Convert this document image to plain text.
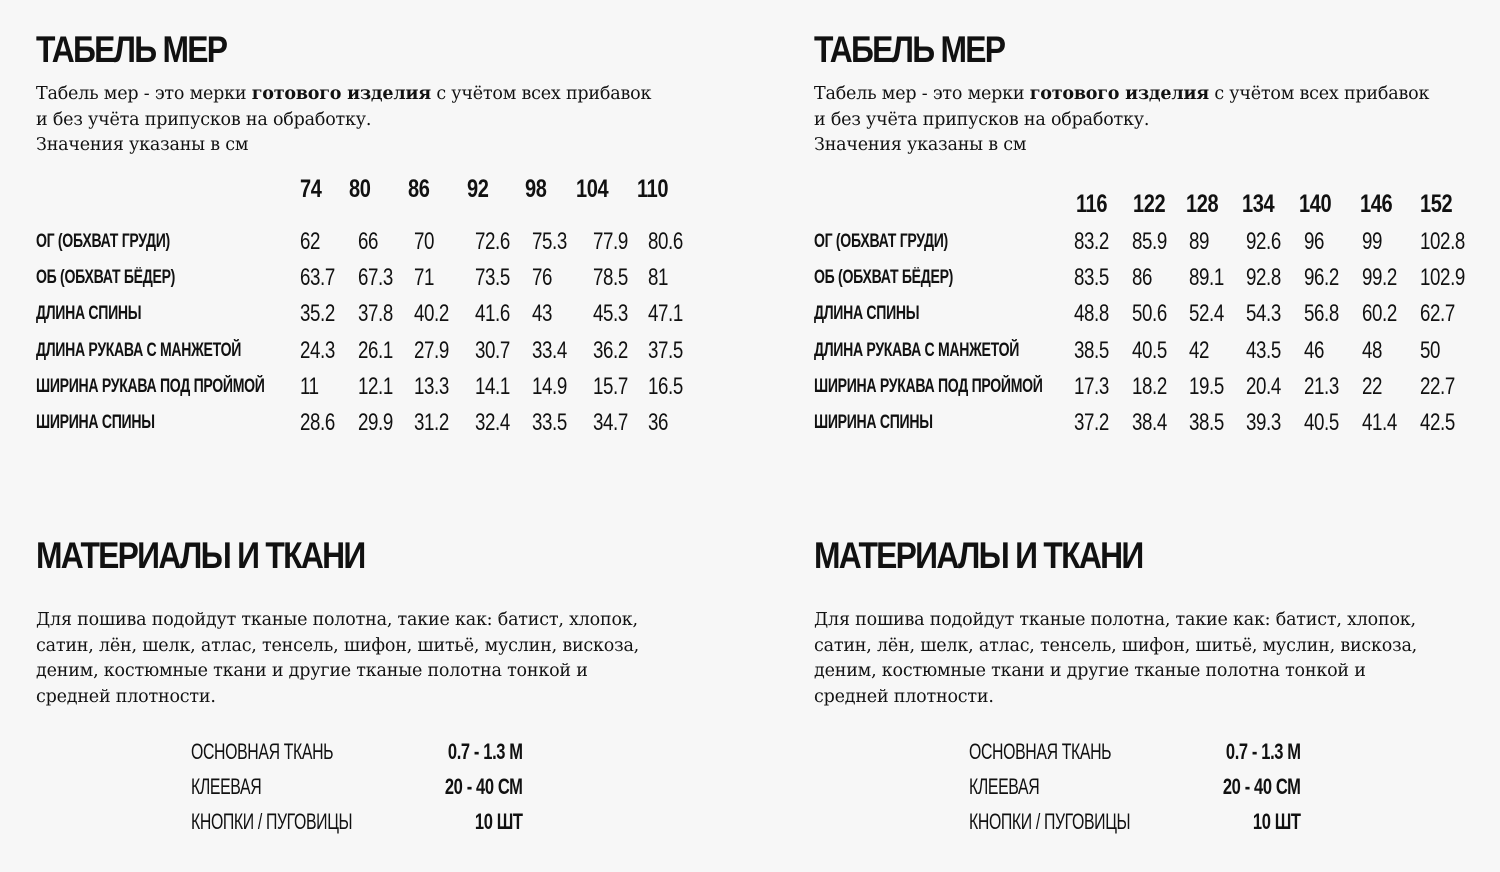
ТАБЕЛЬ МЕР
Табель мер - это мерки готового изделия с учётом всех прибавок
и без учёта припусков на обработку.
Значения указаны в см
74 80 86 92 98 104 110
ОГ (ОБХВАТ ГРУДИ)	62 66 70 72.6 75.3 77.9 80.6
ОБ (ОБХВАТ БЁДЕР)	63.7 67.3 71 73.5 76 78.5 81
ДЛИНА СПИНЫ	35.2 37.8 40.2 41.6 43 45.3 47.1
ДЛИНА РУКАВА С МАНЖЕТОЙ 24.3 26.1 27.9 30.7 33.4 36.2 37.5
ШИРИНА РУКАВА ПОД ПРОЙМОЙ 11 12.1 13.3 14.1 14.9 15.7 16.5
ШИРИНА СПИНЫ	28.6 29.9 31.2 32.4 33.5 34.7 36
МАТЕРИАЛЫ И ТКАНИ
Для пошива подойдут тканые полотна, такие как: батист, хлопок,
сатин, лён, шелк, атлас, тенсель, шифон, шитьё, муслин, вискоза,
деним, костюмные ткани и другие тканые полотна тонкой и
средней плотности.
ОСНОВНАЯ ТКАНЬ	0.7 - 1.3 М
КЛЕЕВАЯ	20 - 40 СМ
КНОПКИ / ПУГОВИЦЫ	10 ШТ
ТАБЕЛЬ МЕР
Табель мер - это мерки готового изделия с учётом всех прибавок
и без учёта припусков на обработку.
Значения указаны в см
116 122 128 134 140 146 152
ОГ (ОБХВАТ ГРУДИ)	83.2 85.9 89 92.6 96 99 102.8
ОБ (ОБХВАТ БЁДЕР)	83.5 86 89.1 92.8 96.2 99.2 102.9
ДЛИНА СПИНЫ	48.8 50.6 52.4 54.3 56.8 60.2 62.7
ДЛИНА РУКАВА С МАНЖЕТОЙ 38.5 40.5 42 43.5 46 48 50
ШИРИНА РУКАВА ПОД ПРОЙМОЙ 17.3 18.2 19.5 20.4 21.3 22 22.7
ШИРИНА СПИНЫ	37.2 38.4 38.5 39.3 40.5 41.4 42.5
МАТЕРИАЛЫ И ТКАНИ
Для пошива подойдут тканые полотна, такие как: батист, хлопок,
сатин, лён, шелк, атлас, тенсель, шифон, шитьё, муслин, вискоза,
деним, костюмные ткани и другие тканые полотна тонкой и
средней плотности.
ОСНОВНАЯ ТКАНЬ	0.7 - 1.3 М
КЛЕЕВАЯ	20 - 40 СМ
КНОПКИ / ПУГОВИЦЫ	10 ШТ
